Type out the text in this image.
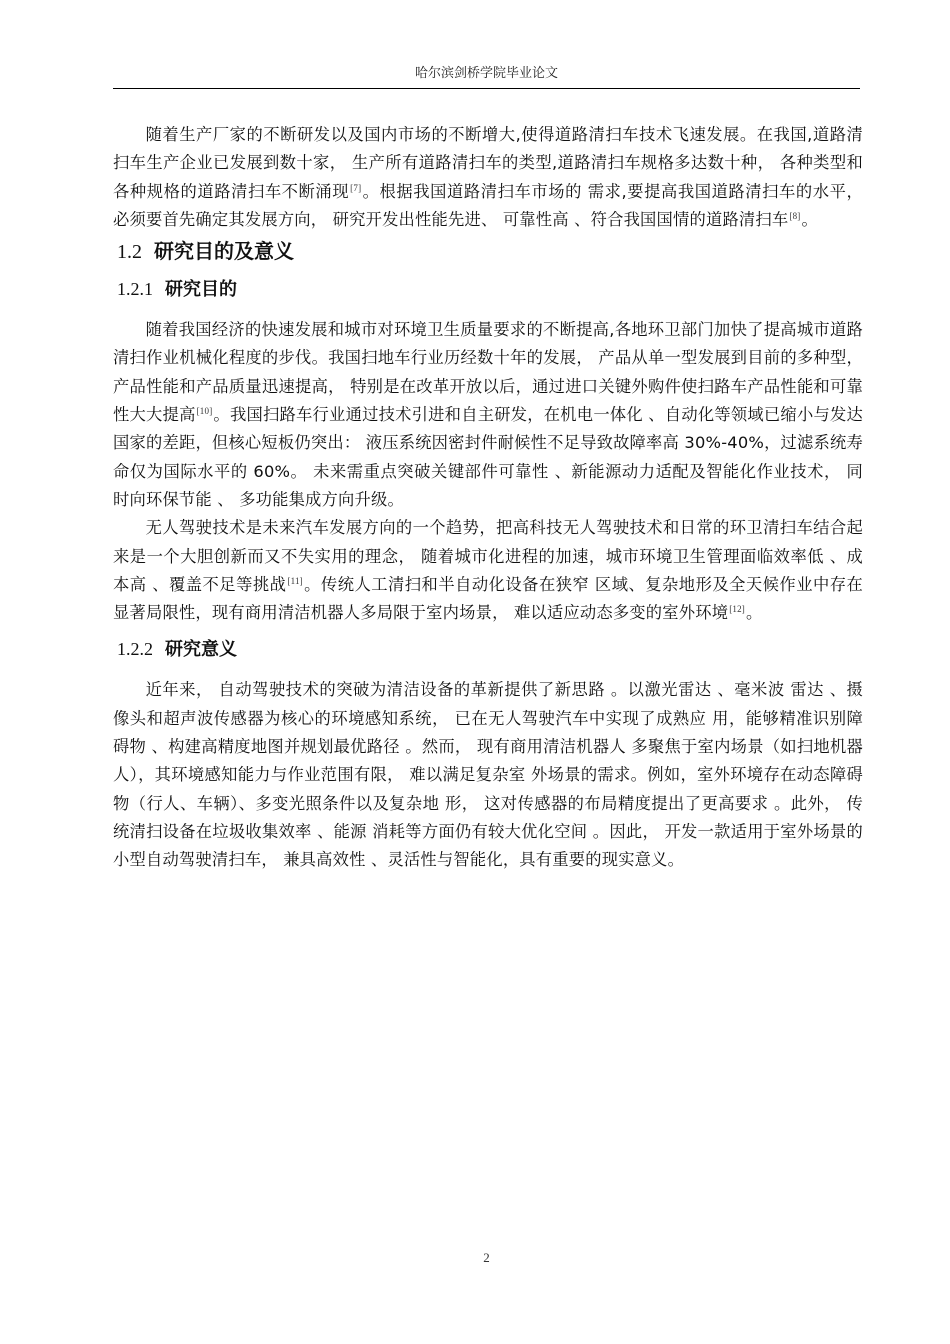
哈尔滨剑桥学院毕业论文

随着生产厂家的不断研发以及国内市场的不断增大,使得道路清扫车技术飞速发展。在我国,道路清扫车生产企业已发展到数十家， 生产所有道路清扫车的类型,道路清扫车规格多达数十种， 各种类型和各种规格的道路清扫车不断涌现[7]。根据我国道路清扫车市场的 需求,要提高我国道路清扫车的水平， 必须要首先确定其发展方向， 研究开发出性能先进、 可靠性高 、符合我国国情的道路清扫车[8]。

1.2 研究目的及意义
1.2.1 研究目的

随着我国经济的快速发展和城市对环境卫生质量要求的不断提高,各地环卫部门加快了提高城市道路清扫作业机械化程度的步伐。我国扫地车行业历经数十年的发展， 产品从单一型发展到目前的多种型， 产品性能和产品质量迅速提高， 特别是在改革开放以后，通过进口关键外购件使扫路车产品性能和可靠性大大提高[10]。我国扫路车行业通过技术引进和自主研发，在机电一体化 、自动化等领域已缩小与发达国家的差距，但核心短板仍突出： 液压系统因密封件耐候性不足导致故障率高 30%-40%，过滤系统寿命仅为国际水平的 60%。 未来需重点突破关键部件可靠性 、新能源动力适配及智能化作业技术， 同时向环保节能 、 多功能集成方向升级。

无人驾驶技术是未来汽车发展方向的一个趋势，把高科技无人驾驶技术和日常的环卫清扫车结合起来是一个大胆创新而又不失实用的理念， 随着城市化进程的加速，城市环境卫生管理面临效率低 、成本高 、覆盖不足等挑战[11]。传统人工清扫和半自动化设备在狭窄 区域、复杂地形及全天候作业中存在显著局限性，现有商用清洁机器人多局限于室内场景， 难以适应动态多变的室外环境[12]。

1.2.2 研究意义

近年来， 自动驾驶技术的突破为清洁设备的革新提供了新思路 。以激光雷达 、毫米波 雷达 、摄像头和超声波传感器为核心的环境感知系统， 已在无人驾驶汽车中实现了成熟应 用，能够精准识别障碍物 、构建高精度地图并规划最优路径 。然而， 现有商用清洁机器人 多聚焦于室内场景（如扫地机器人），其环境感知能力与作业范围有限， 难以满足复杂室 外场景的需求。例如，室外环境存在动态障碍物（行人、车辆）、多变光照条件以及复杂地 形， 这对传感器的布局精度提出了更高要求 。此外， 传统清扫设备在垃圾收集效率 、能源 消耗等方面仍有较大优化空间 。因此， 开发一款适用于室外场景的小型自动驾驶清扫车， 兼具高效性 、灵活性与智能化，具有重要的现实意义。

2
